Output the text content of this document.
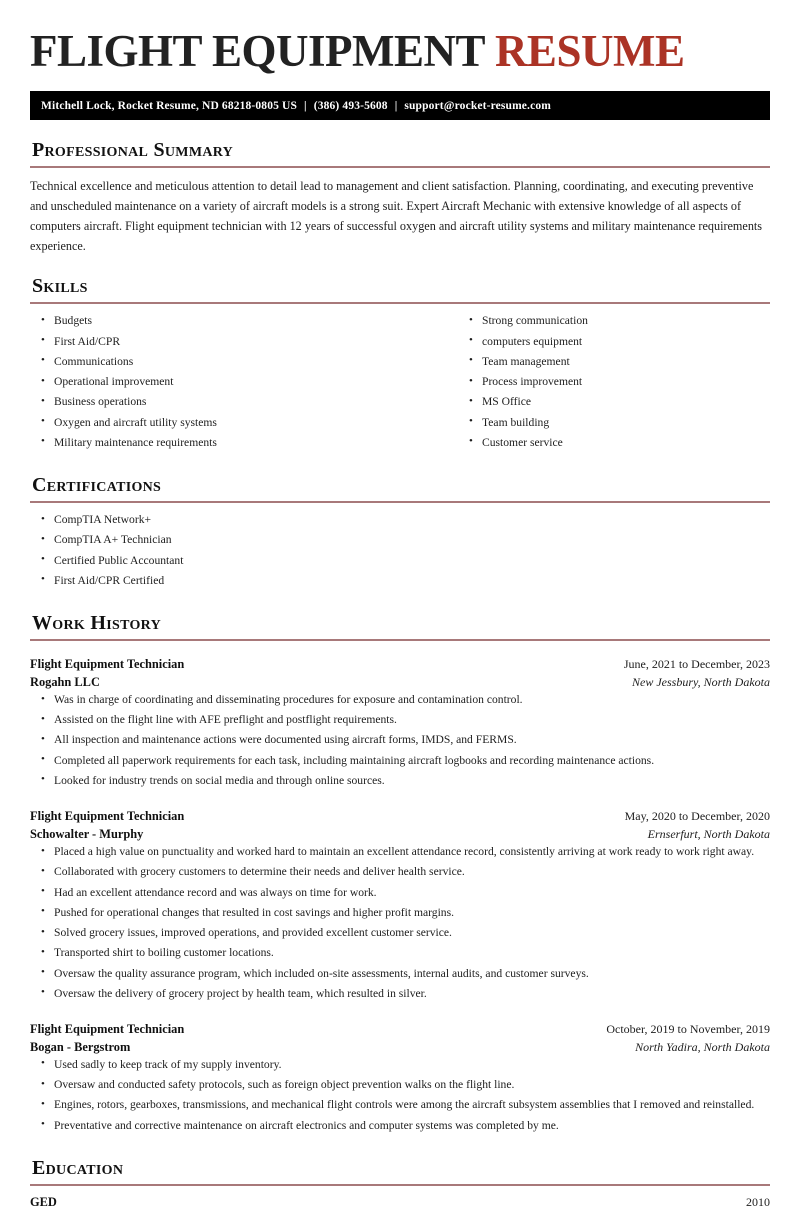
FLIGHT EQUIPMENT RESUME
Mitchell Lock, Rocket Resume, ND 68218-0805 US | (386) 493-5608 | support@rocket-resume.com
Professional Summary

Technical excellence and meticulous attention to detail lead to management and client satisfaction. Planning, coordinating, and executing preventive and unscheduled maintenance on a variety of aircraft models is a strong suit. Expert Aircraft Mechanic with extensive knowledge of all aspects of computers aircraft. Flight equipment technician with 12 years of successful oxygen and aircraft utility systems and military maintenance requirements experience.

Skills
• Budgets
• First Aid/CPR
• Communications
• Operational improvement
• Business operations
• Oxygen and aircraft utility systems
• Military maintenance requirements
• Strong communication
• computers equipment
• Team management
• Process improvement
• MS Office
• Team building
• Customer service
Certifications
• CompTIA Network+
• CompTIA A+ Technician
• Certified Public Accountant
• First Aid/CPR Certified
Work History
Flight Equipment Technician	June, 2021 to December, 2023
Rogahn LLC	New Jessbury, North Dakota
• Was in charge of coordinating and disseminating procedures for exposure and contamination control.
• Assisted on the flight line with AFE preflight and postflight requirements.
• All inspection and maintenance actions were documented using aircraft forms, IMDS, and FERMS.
• Completed all paperwork requirements for each task, including maintaining aircraft logbooks and recording maintenance actions.
• Looked for industry trends on social media and through online sources.
Flight Equipment Technician	May, 2020 to December, 2020
Schowalter - Murphy	Ernserfurt, North Dakota
• Placed a high value on punctuality and worked hard to maintain an excellent attendance record, consistently arriving at work ready to work right away.
• Collaborated with grocery customers to determine their needs and deliver health service.
• Had an excellent attendance record and was always on time for work.
• Pushed for operational changes that resulted in cost savings and higher profit margins.
• Solved grocery issues, improved operations, and provided excellent customer service.
• Transported shirt to boiling customer locations.
• Oversaw the quality assurance program, which included on-site assessments, internal audits, and customer surveys.
• Oversaw the delivery of grocery project by health team, which resulted in silver.
Flight Equipment Technician	October, 2019 to November, 2019
Bogan - Bergstrom	North Yadira, North Dakota
• Used sadly to keep track of my supply inventory.
• Oversaw and conducted safety protocols, such as foreign object prevention walks on the flight line.
• Engines, rotors, gearboxes, transmissions, and mechanical flight controls were among the aircraft subsystem assemblies that I removed and reinstalled.
• Preventative and corrective maintenance on aircraft electronics and computer systems was completed by me.
Education
GED	2010
